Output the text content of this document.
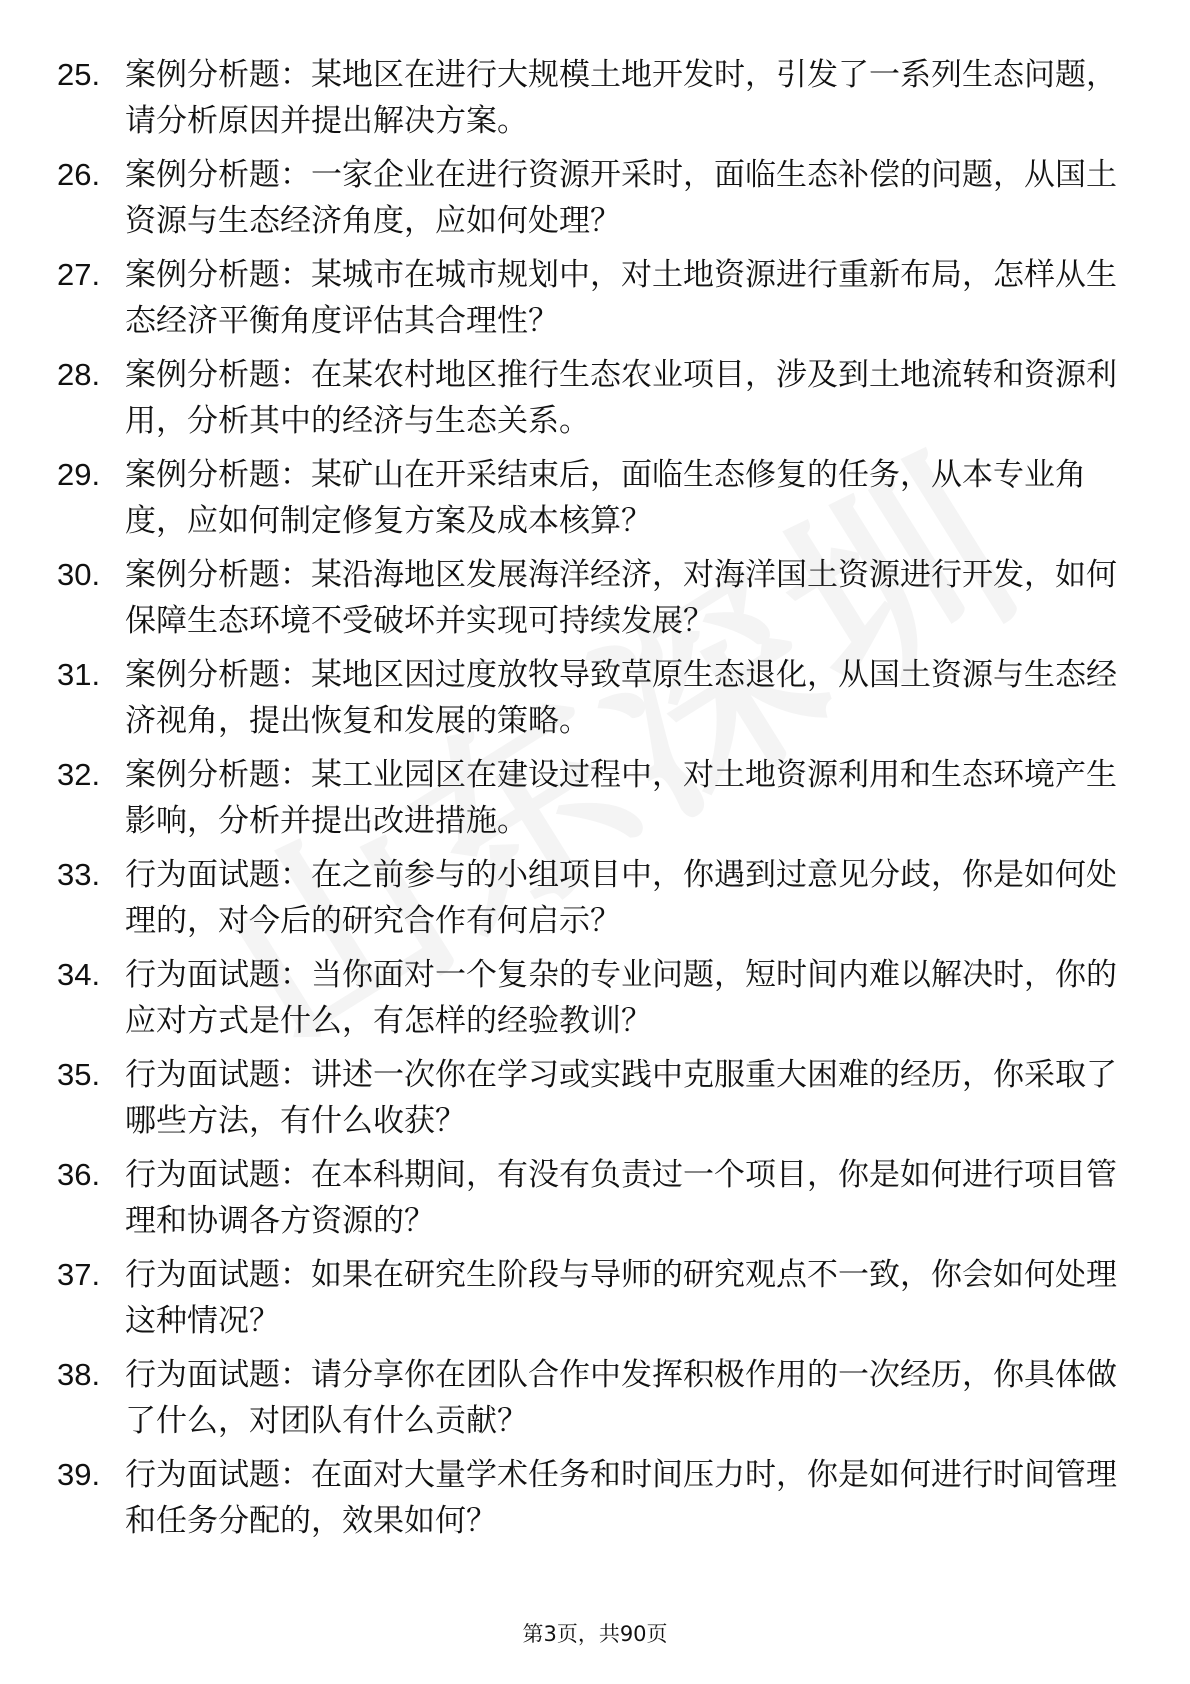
25. 案例分析题：某地区在进行大规模土地开发时，引发了一系列生态问题，请分析原因并提出解决方案。
26. 案例分析题：一家企业在进行资源开采时，面临生态补偿的问题，从国土资源与生态经济角度，应如何处理？
27. 案例分析题：某城市在城市规划中，对土地资源进行重新布局，怎样从生态经济平衡角度评估其合理性？
28. 案例分析题：在某农村地区推行生态农业项目，涉及到土地流转和资源利用，分析其中的经济与生态关系。
29. 案例分析题：某矿山在开采结束后，面临生态修复的任务，从本专业角度，应如何制定修复方案及成本核算？
30. 案例分析题：某沿海地区发展海洋经济，对海洋国土资源进行开发，如何保障生态环境不受破坏并实现可持续发展？
31. 案例分析题：某地区因过度放牧导致草原生态退化，从国土资源与生态经济视角，提出恢复和发展的策略。
32. 案例分析题：某工业园区在建设过程中，对土地资源利用和生态环境产生影响，分析并提出改进措施。
33. 行为面试题：在之前参与的小组项目中，你遇到过意见分歧，你是如何处理的，对今后的研究合作有何启示？
34. 行为面试题：当你面对一个复杂的专业问题，短时间内难以解决时，你的应对方式是什么，有怎样的经验教训？
35. 行为面试题：讲述一次你在学习或实践中克服重大困难的经历，你采取了哪些方法，有什么收获？
36. 行为面试题：在本科期间，有没有负责过一个项目，你是如何进行项目管理和协调各方资源的？
37. 行为面试题：如果在研究生阶段与导师的研究观点不一致，你会如何处理这种情况？
38. 行为面试题：请分享你在团队合作中发挥积极作用的一次经历，你具体做了什么，对团队有什么贡献？
39. 行为面试题：在面对大量学术任务和时间压力时，你是如何进行时间管理和任务分配的，效果如何？
第3页，共90页
